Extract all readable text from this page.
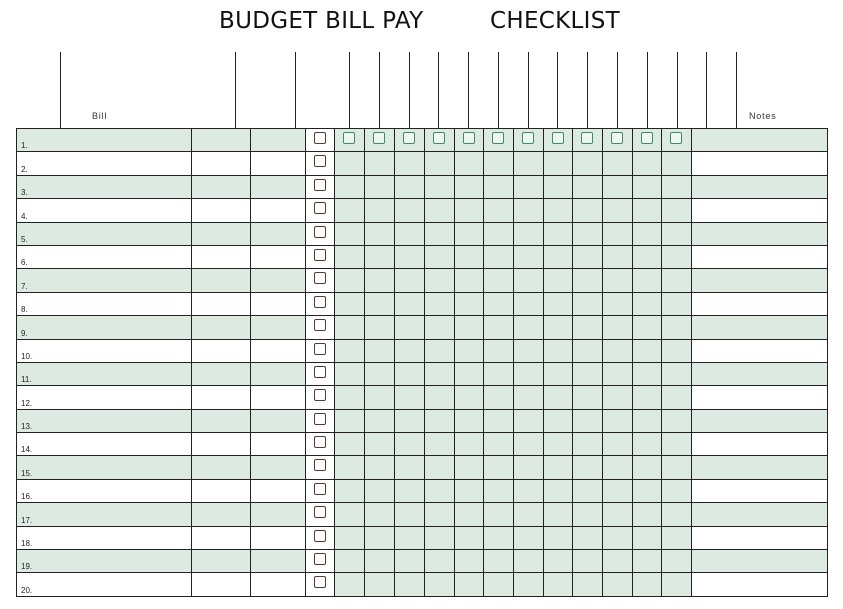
BUDGET BILL PAY	CHECKLIST
Bill	Notes
1.																

2.																

3.																

4.																

5.																

6.																

7.																

8.																

9.																

10.																

11.																

12.																

13.																

14.																

15.																

16.																

17.																

18.																

19.																

20.																
